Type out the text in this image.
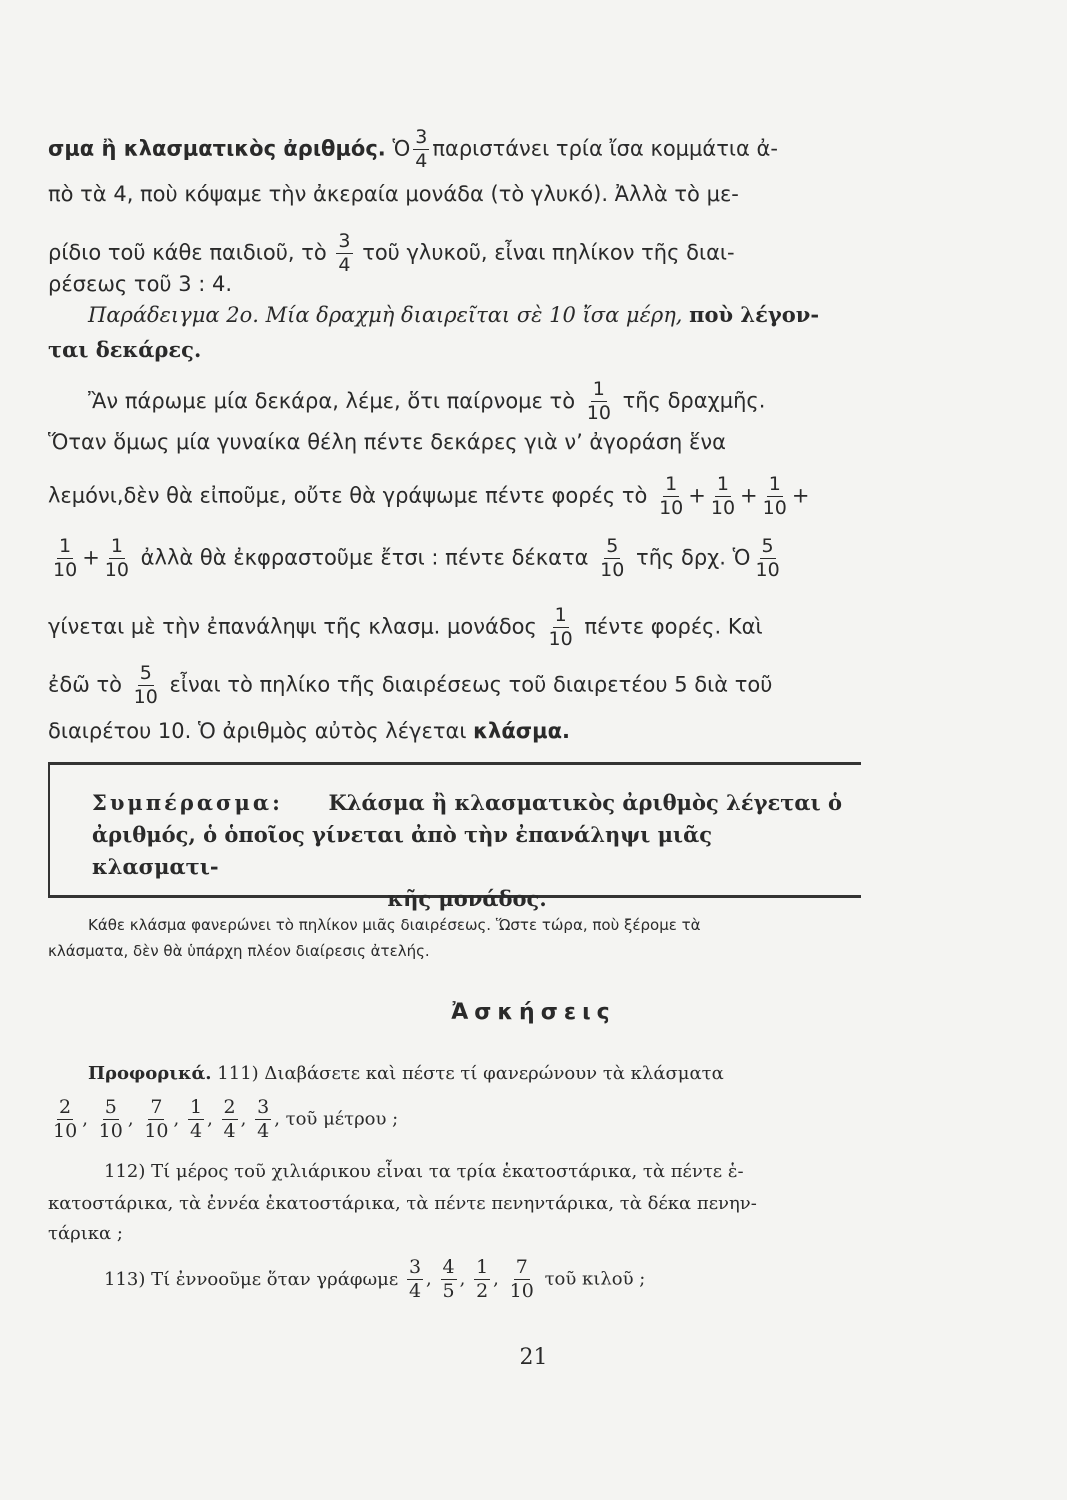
σμα ἢ κλασματικὸς ἀριθμός. Ὁ $\frac{3}{4}$ παριστάνει τρία ἴσα κομμάτια ἀ-
πὸ τὰ 4, ποὺ κόψαμε τὴν ἀκεραία μονάδα (τὸ γλυκό). Ἀλλὰ τὸ με-
ρίδιο τοῦ κάθε παιδιοῦ, τὸ $\frac{3}{4}$ τοῦ γλυκοῦ, εἶναι πηλίκον τῆς διαι-
ρέσεως τοῦ 3 : 4.
Παράδειγμα 2ο. Μία δραχμὴ διαιρεῖται σὲ 10 ἴσα μέρη, ποὺ λέγον-
ται δεκάρες.
Ἂν πάρωμε μία δεκάρα, λέμε, ὅτι παίρνομε τὸ $\frac{1}{10}$ τῆς δραχμῆς.
Ὅταν ὅμως μία γυναίκα θέλη πέντε δεκάρες γιὰ ν’ ἀγοράση ἕνα
λεμόνι,δὲν θὰ εἰποῦμε, οὔτε θὰ γράψωμε πέντε φορές τὸ $\frac{1}{10} + \frac{1}{10} + \frac{1}{10}$ +
$\frac{1}{10} + \frac{1}{10}$ ἀλλὰ θὰ ἐκφραστοῦμε ἔτσι : πέντε δέκατα $\frac{5}{10}$ τῆς δρχ. Ὁ $\frac{5}{10}$
γίνεται μὲ τὴν ἐπανάληψι τῆς κλασμ. μονάδος $\frac{1}{10}$ πέντε φορές. Καὶ
ἐδῶ τὸ $\frac{5}{10}$ εἶναι τὸ πηλίκο τῆς διαιρέσεως τοῦ διαιρετέου 5 διὰ τοῦ
διαιρέτου 10. Ὁ ἀριθμὸς αὐτὸς λέγεται κλάσμα.
Συμπέρασμα: Κλάσμα ἢ κλασματικὸς ἀριθμὸς λέγεται ὁ
ἀριθμός, ὁ ὁποῖος γίνεται ἀπὸ τὴν ἐπανάληψι μιᾶς κλασματι-
κῆς μονάδος.
Κάθε κλάσμα φανερώνει τὸ πηλίκον μιᾶς διαιρέσεως. Ὥστε τώρα, ποὺ ξέρομε τὰ
κλάσματα, δὲν θὰ ὑπάρχη πλέον διαίρεσις ἀτελής.
Ἀσκήσεις
Προφορικά. 111) Διαβάσετε καὶ πέστε τί φανερώνουν τὰ κλάσματα
$\frac{2}{10}$ , $\frac{5}{10}$ , $\frac{7}{10}$ , $\frac{1}{4}$ , $\frac{2}{4}$ , $\frac{3}{4}$ , τοῦ μέτρου ;
112) Τί μέρος τοῦ χιλιάρικου εἶναι τα τρία ἑκατοστάρικα, τὰ πέντε ἑ-
κατοστάρικα, τὰ ἐννέα ἑκατοστάρικα, τὰ πέντε πενηντάρικα, τὰ δέκα πενην-
τάρικα ;
113) Τί ἐννοοῦμε ὅταν γράφωμε $\frac{3}{4}$ , $\frac{4}{5}$ , $\frac{1}{2}$ , $\frac{7}{10}$ τοῦ κιλοῦ ;
21
